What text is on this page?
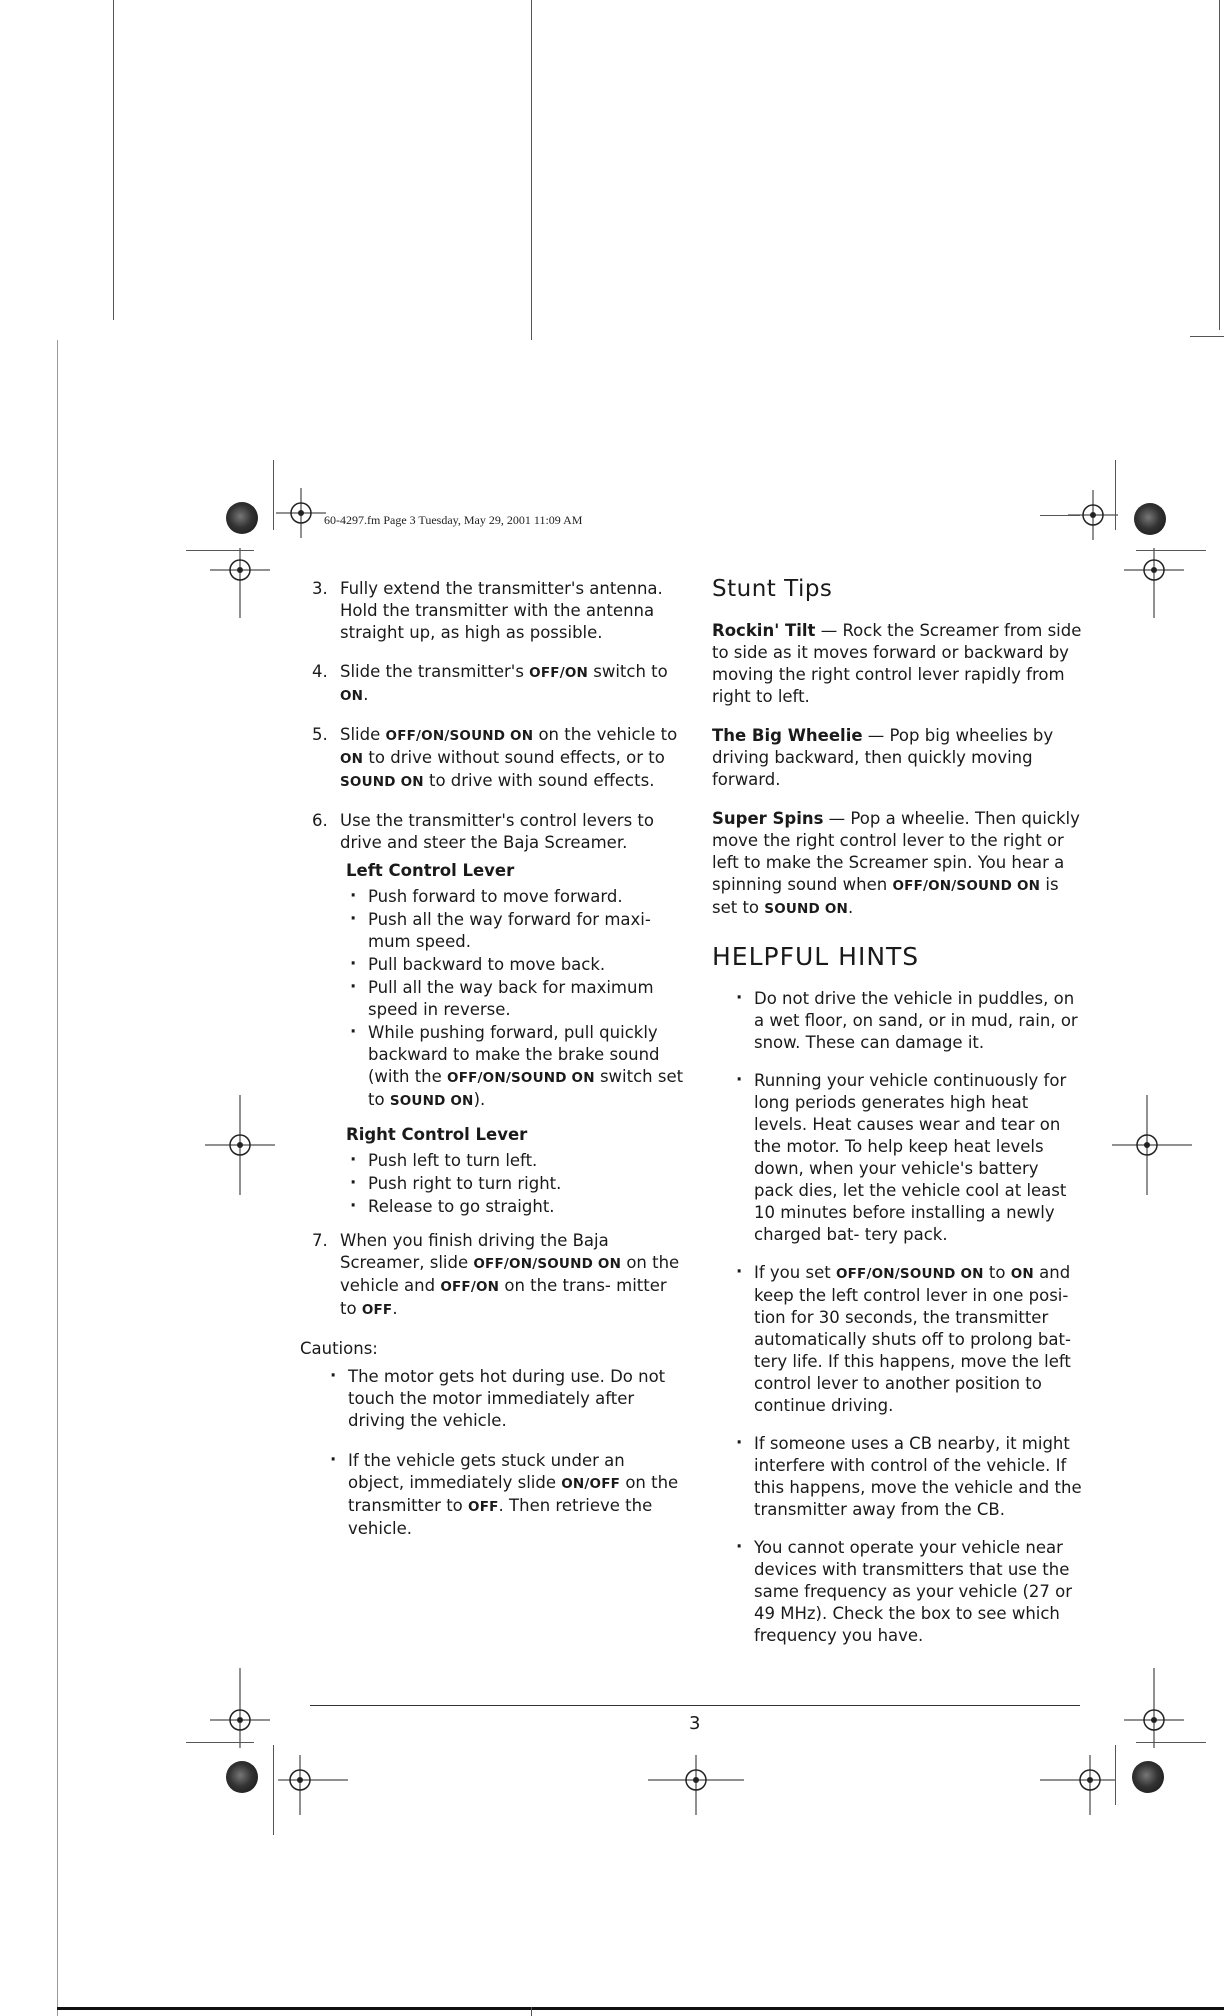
60-4297.fm Page 3 Tuesday, May 29, 2001 11:09 AM
3. Fully extend the transmitter's antenna. Hold the transmitter with the antenna straight up, as high as possible.
4. Slide the transmitter's OFF/ON switch to ON.
5. Slide OFF/ON/SOUND ON on the vehicle to ON to drive without sound effects, or to SOUND ON to drive with sound effects.
6. Use the transmitter's control levers to drive and steer the Baja Screamer.
Left Control Lever
· Push forward to move forward.
· Push all the way forward for maxi- mum speed.
· Pull backward to move back.
· Pull all the way back for maximum speed in reverse.
· While pushing forward, pull quickly backward to make the brake sound (with the OFF/ON/SOUND ON switch set to SOUND ON).
Right Control Lever
· Push left to turn left.
· Push right to turn right.
· Release to go straight.
7. When you finish driving the Baja Screamer, slide OFF/ON/SOUND ON on the vehicle and OFF/ON on the trans- mitter to OFF.
Cautions:
· The motor gets hot during use. Do not touch the motor immediately after driving the vehicle.
· If the vehicle gets stuck under an object, immediately slide ON/OFF on the transmitter to OFF. Then retrieve the vehicle.
Stunt Tips

Rockin' Tilt — Rock the Screamer from side to side as it moves forward or backward by moving the right control lever rapidly from right to left.

The Big Wheelie — Pop big wheelies by driving backward, then quickly moving forward.

Super Spins — Pop a wheelie. Then quickly move the right control lever to the right or left to make the Screamer spin. You hear a spinning sound when OFF/ON/SOUND ON is set to SOUND ON.

HELPFUL HINTS
· Do not drive the vehicle in puddles, on a wet floor, on sand, or in mud, rain, or snow. These can damage it.
· Running your vehicle continuously for long periods generates high heat levels. Heat causes wear and tear on the motor. To help keep heat levels down, when your vehicle's battery pack dies, let the vehicle cool at least 10 minutes before installing a newly charged bat- tery pack.
· If you set OFF/ON/SOUND ON to ON and keep the left control lever in one posi- tion for 30 seconds, the transmitter automatically shuts off to prolong bat- tery life. If this happens, move the left control lever to another position to continue driving.
· If someone uses a CB nearby, it might interfere with control of the vehicle. If this happens, move the vehicle and the transmitter away from the CB.
· You cannot operate your vehicle near devices with transmitters that use the same frequency as your vehicle (27 or 49 MHz). Check the box to see which frequency you have.
3
